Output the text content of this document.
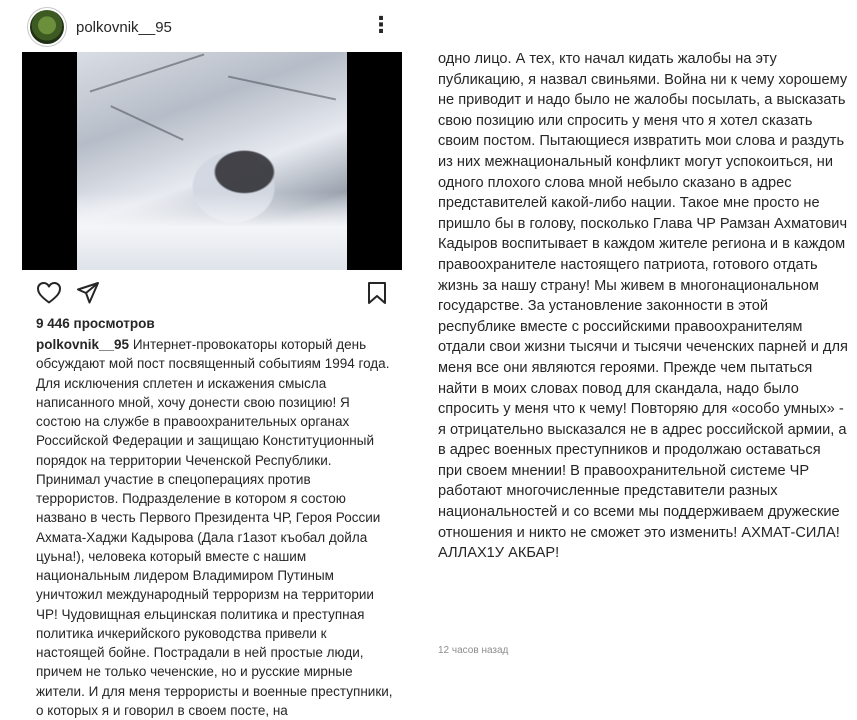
polkovnik__95	⋮
9 446 просмотров
polkovnik__95 Интернет-провокаторы который день обсуждают мой пост посвященный событиям 1994 года. Для исключения сплетен и искажения смысла написанного мной, хочу донести свою позицию! Я состою на службе в правоохранительных органах Российской Федерации и защищаю Конституционный порядок на территории Чеченской Республики. Принимал участие в спецоперациях против террористов. Подразделение в котором я состою названо в честь Первого Президента ЧР, Героя России Ахмата-Хаджи Кадырова (Дала г1азот къобал дойла цуьна!), человека который вместе с нашим национальным лидером Владимиром Путиным уничтожил международный терроризм на территории ЧР! Чудовищная ельцинская политика и преступная политика ичкерийского руководства привели к настоящей бойне. Пострадали в ней простые люди, причем не только чеченские, но и русские мирные жители. И для меня террористы и военные преступники, о которых я и говорил в своем посте, на
одно лицо. А тех, кто начал кидать жалобы на эту публикацию, я назвал свиньями. Война ни к чему хорошему не приводит и надо было не жалобы посылать, а высказать свою позицию или спросить у меня что я хотел сказать своим постом. Пытающиеся извратить мои слова и раздуть из них межнациональный конфликт могут успокоиться, ни одного плохого слова мной небыло сказано в адрес представителей какой-либо нации. Такое мне просто не пришло бы в голову, посколько Глава ЧР Рамзан Ахматович Кадыров воспитывает в каждом жителе региона и в каждом правоохранителе настоящего патриота, готового отдать жизнь за нашу страну! Мы живем в многонациональном государстве. За установление законности в этой республике вместе с российскими правоохранителям отдали свои жизни тысячи и тысячи чеченских парней и для меня все они являются героями. Прежде чем пытаться найти в моих словах повод для скандала, надо было спросить у меня что к чему! Повторяю для «особо умных» - я отрицательно высказался не в адрес российской армии, а в адрес военных преступников и продолжаю оставаться при своем мнении! В правоохранительной системе ЧР работают многочисленные представители разных национальностей и со всеми мы поддерживаем дружеские отношения и никто не сможет это изменить! АХМАТ-СИЛА! АЛЛАХ1У АКБАР!
12 часов назад
